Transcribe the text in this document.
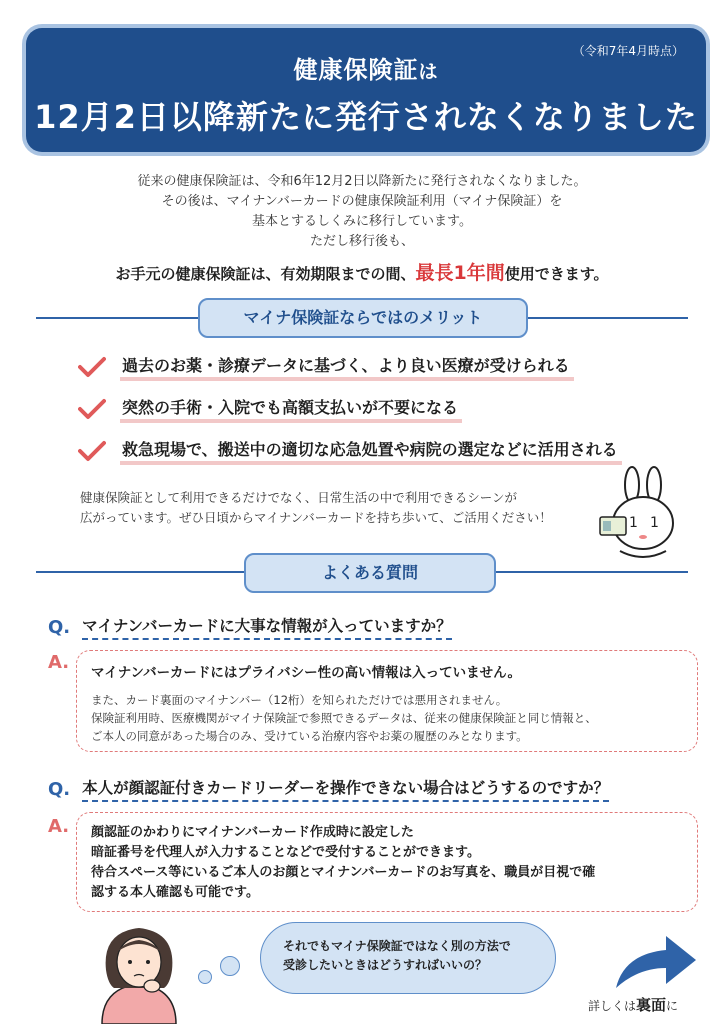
（令和7年4月時点）
健康保険証は
12月2日以降新たに発行されなくなりました
従来の健康保険証は、令和6年12月2日以降新たに発行されなくなりました。
その後は、マイナンバーカードの健康保険証利用（マイナ保険証）を
基本とするしくみに移行しています。
ただし移行後も、
お手元の健康保険証は、有効期限までの間、最長1年間使用できます。
マイナ保険証ならではのメリット
過去のお薬・診療データに基づく、より良い医療が受けられる
突然の手術・入院でも高額支払いが不要になる
救急現場で、搬送中の適切な応急処置や病院の選定などに活用される
健康保険証として利用できるだけでなく、日常生活の中で利用できるシーンが
広がっています。ぜひ日頃からマイナンバーカードを持ち歩いて、ご活用ください！	1 1
よくある質問
Q. マイナンバーカードに大事な情報が入っていますか？
A. マイナンバーカードにはプライバシー性の高い情報は入っていません。
また、カード裏面のマイナンバー（12桁）を知られただけでは悪用されません。
保険証利用時、医療機関がマイナ保険証で参照できるデータは、従来の健康保険証と同じ情報と、
ご本人の同意があった場合のみ、受けている治療内容やお薬の履歴のみとなります。
Q. 本人が顔認証付きカードリーダーを操作できない場合はどうするのですか？
A. 顔認証のかわりにマイナンバーカード作成時に設定した
暗証番号を代理人が入力することなどで受付することができます。
待合スペース等にいるご本人のお顔とマイナンバーカードのお写真を、職員が目視で確
認する本人確認も可能です。
それでもマイナ保険証ではなく別の方法で
受診したいときはどうすればいいの？
詳しくは裏面に
